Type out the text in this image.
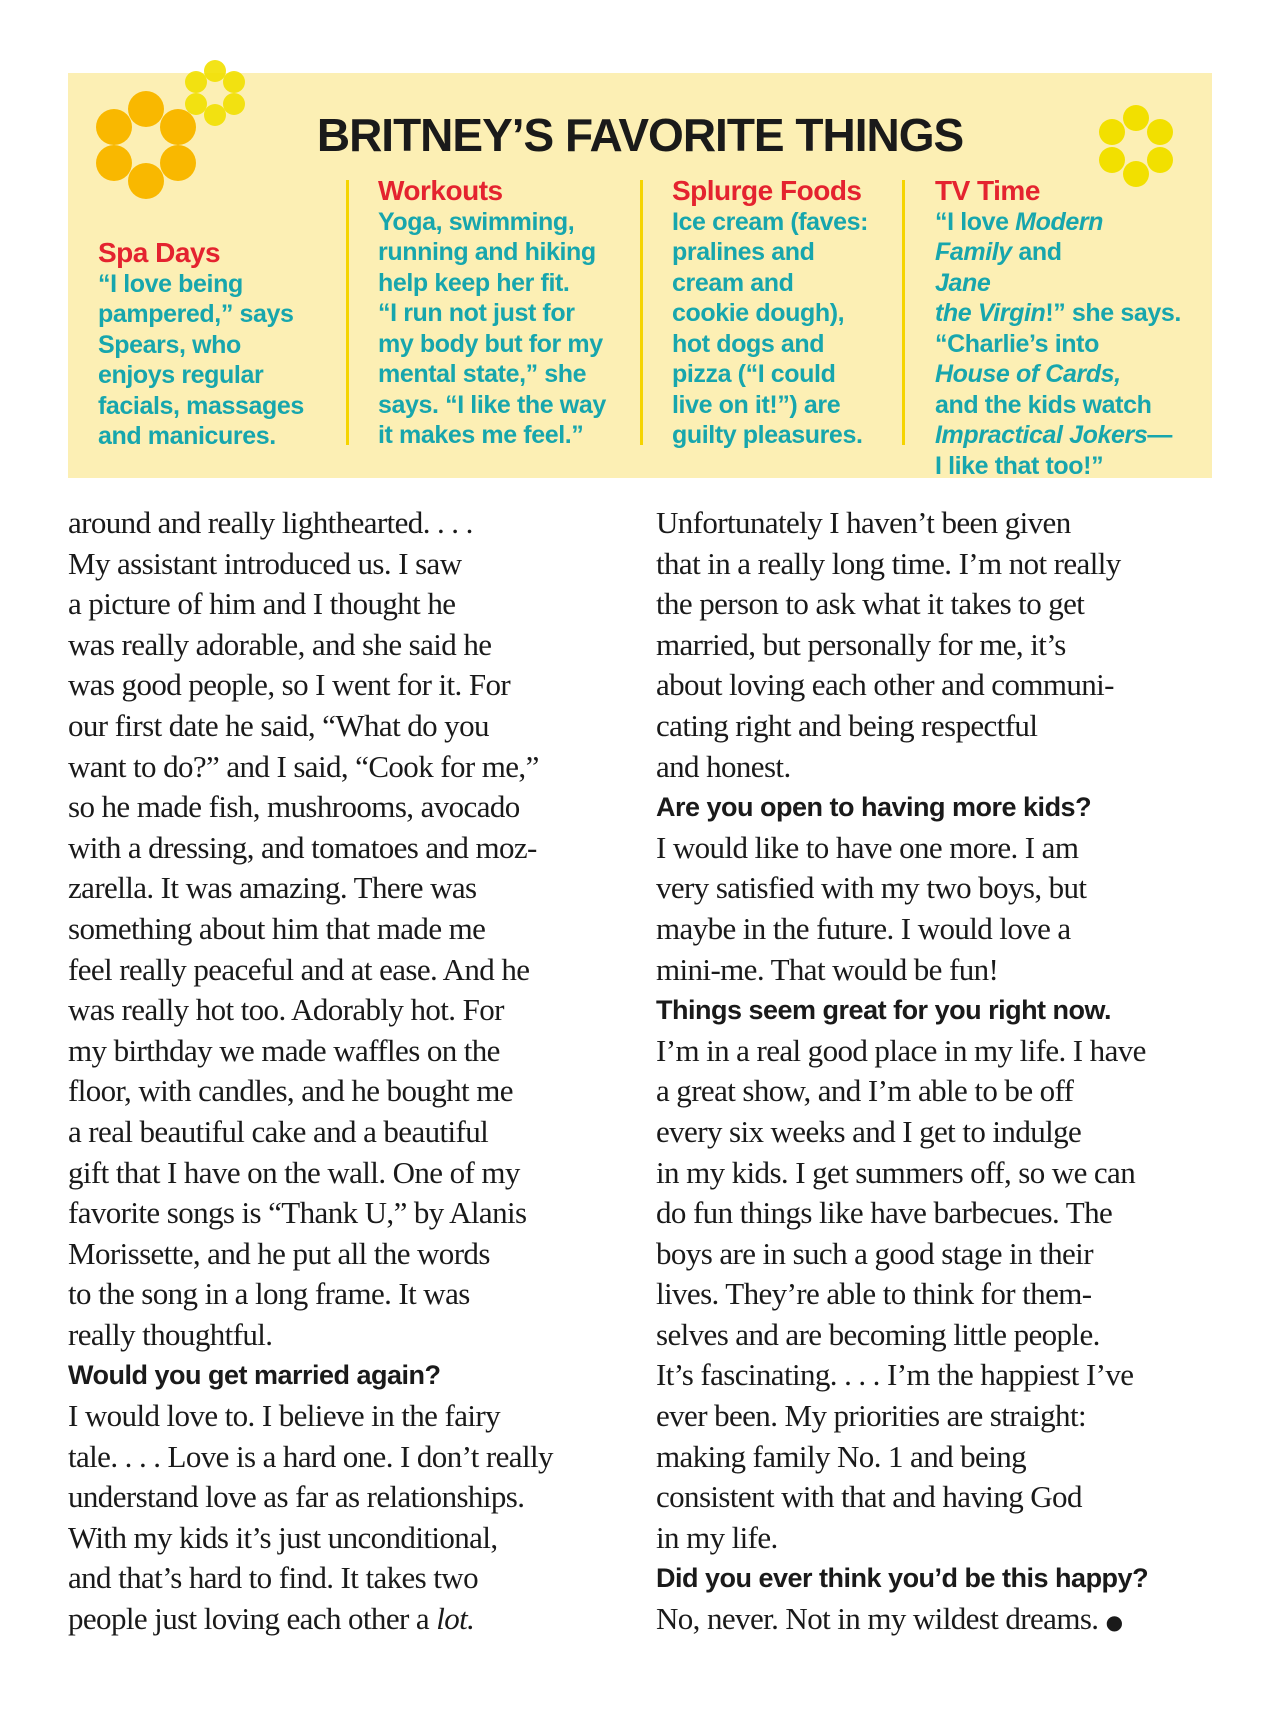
BRITNEY’S FAVORITE THINGS
Spa Days
“I love being
pampered,” says
Spears, who
enjoys regular
facials, massages
and manicures.
Workouts
Yoga, swimming,
running and hiking
help keep her fit.
“I run not just for
my body but for my
mental state,” she
says. “I like the way
it makes me feel.”
Splurge Foods
Ice cream (faves:
pralines and
cream and
cookie dough),
hot dogs and
pizza (“I could
live on it!”) are
guilty pleasures.
TV Time
“I love Modern
Family and
Jane
the Virgin!” she says.
“Charlie’s into
House of Cards,
and the kids watch
Impractical Jokers—
I like that too!”
around and really lighthearted. . . .
My assistant introduced us. I saw
a picture of him and I thought he
was really adorable, and she said he
was good people, so I went for it. For
our first date he said, “What do you
want to do?” and I said, “Cook for me,”
so he made fish, mushrooms, avocado
with a dressing, and tomatoes and moz-
zarella. It was amazing. There was
something about him that made me
feel really peaceful and at ease. And he
was really hot too. Adorably hot. For
my birthday we made waffles on the
floor, with candles, and he bought me
a real beautiful cake and a beautiful
gift that I have on the wall. One of my
favorite songs is “Thank U,” by Alanis
Morissette, and he put all the words
to the song in a long frame. It was
really thoughtful.
Would you get married again?
I would love to. I believe in the fairy
tale. . . . Love is a hard one. I don’t really
understand love as far as relationships.
With my kids it’s just unconditional,
and that’s hard to find. It takes two
people just loving each other a lot.
Unfortunately I haven’t been given
that in a really long time. I’m not really
the person to ask what it takes to get
married, but personally for me, it’s
about loving each other and communi-
cating right and being respectful
and honest.
Are you open to having more kids?
I would like to have one more. I am
very satisfied with my two boys, but
maybe in the future. I would love a
mini-me. That would be fun!
Things seem great for you right now.
I’m in a real good place in my life. I have
a great show, and I’m able to be off
every six weeks and I get to indulge
in my kids. I get summers off, so we can
do fun things like have barbecues. The
boys are in such a good stage in their
lives. They’re able to think for them-
selves and are becoming little people.
It’s fascinating. . . . I’m the happiest I’ve
ever been. My priorities are straight:
making family No. 1 and being
consistent with that and having God
in my life.
Did you ever think you’d be this happy?
No, never. Not in my wildest dreams. ●
